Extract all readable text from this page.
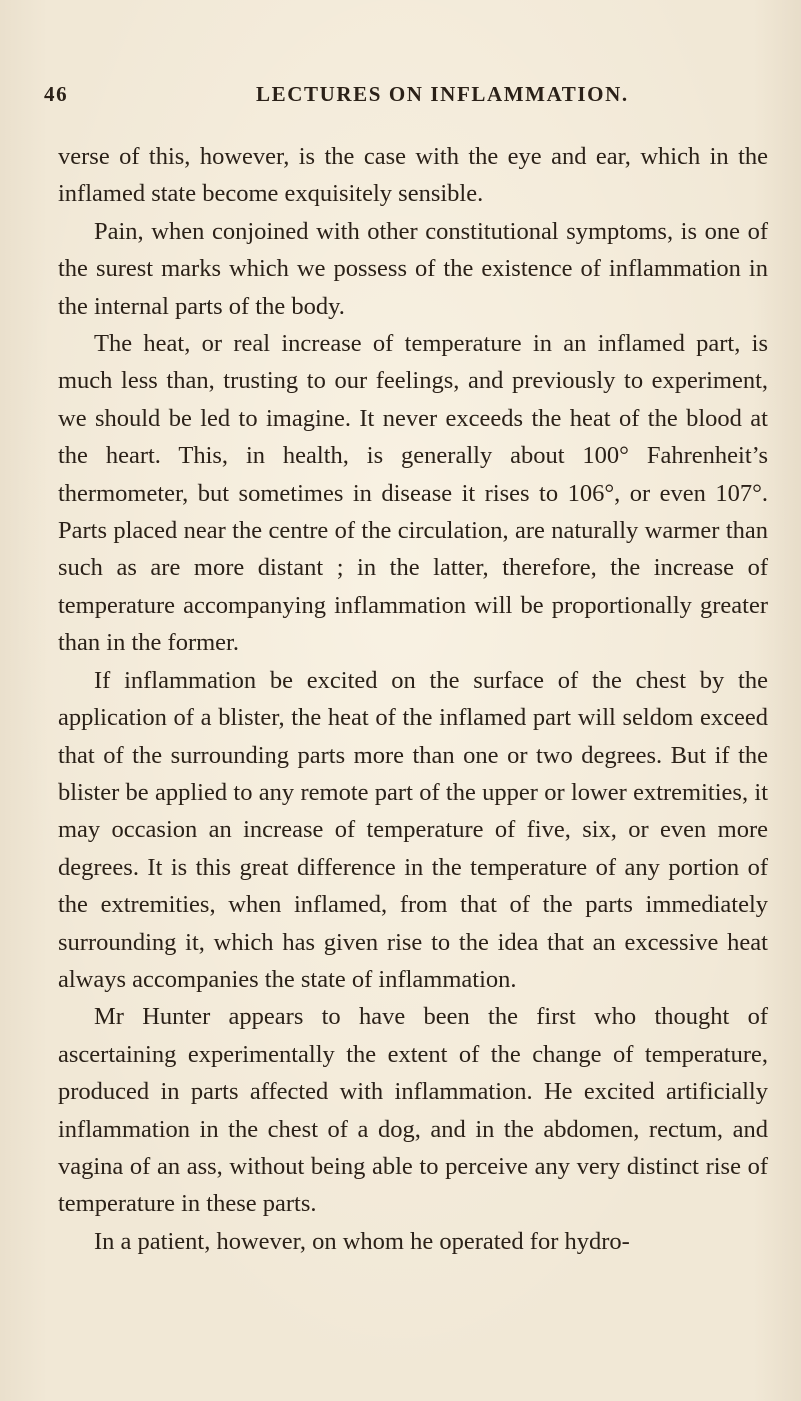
46	LECTURES ON INFLAMMATION.

verse of this, however, is the case with the eye and ear, which in the inflamed state become exquisitely sensible.

Pain, when conjoined with other constitutional symptoms, is one of the surest marks which we possess of the existence of inflammation in the internal parts of the body.

The heat, or real increase of temperature in an inflamed part, is much less than, trusting to our feelings, and previously to experiment, we should be led to imagine. It never exceeds the heat of the blood at the heart. This, in health, is generally about 100° Fahrenheit’s thermometer, but sometimes in disease it rises to 106°, or even 107°. Parts placed near the centre of the circulation, are naturally warmer than such as are more distant ; in the latter, therefore, the increase of temperature accompanying inflammation will be proportionally greater than in the former.

If inflammation be excited on the surface of the chest by the application of a blister, the heat of the inflamed part will seldom exceed that of the surrounding parts more than one or two degrees. But if the blister be applied to any remote part of the upper or lower extremities, it may occasion an increase of temperature of five, six, or even more degrees. It is this great difference in the temperature of any portion of the extremities, when inflamed, from that of the parts immediately surrounding it, which has given rise to the idea that an excessive heat always accompanies the state of inflammation.

Mr Hunter appears to have been the first who thought of ascertaining experimentally the extent of the change of temperature, produced in parts affected with inflammation. He excited artificially inflammation in the chest of a dog, and in the abdomen, rectum, and vagina of an ass, without being able to perceive any very distinct rise of temperature in these parts.

In a patient, however, on whom he operated for hydro-
